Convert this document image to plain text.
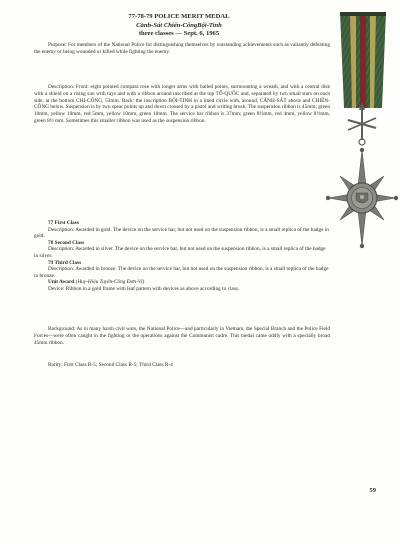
77-78-79 POLICE MERIT MEDAL
Cảnh-Sát Chiến-CôngBội-Tinh
three classes — Sept. 6, 1965

Purpose: For members of the National Police for distinguishing themselves by outstanding achievements such as valiantly defeating the enemy or being wounded or killed while fighting the enemy.

Description: Front: eight pointed compass rose with longer arms with balled points, surmounting a wreath, and with a central disk with a shield on a rising sun with rays and with a ribbon around inscribed at the top TỔ-QUỐC and, separated by two small stars on each side, at the bottom CHI-CÔNG, 53mm. Back: the inscription BỘI-TINH in a lined circle with, around, CẢNH-SÁT above and CHIẾN-CÔNG below. Suspension is by two spear points up and down crossed by a pistol and writing brush. The suspension ribbon is 45mm; green 10mm, yellow 10mm, red 5mm, yellow 10mm, green 10mm. The service bar ribbon is 37mm; green 8½mm, red 4mm, yellow 8½mm, green 8½ mm. Sometimes this smaller ribbon was used as the suspension ribbon.

77 First Class

Description: Awarded in gold. The device on the service bar, but not used on the suspension ribbon, is a small replica of the badge in gold.

78 Second Class

Description: Awarded in silver. The device on the service bar, but not used on the suspension ribbon, is a small replica of the badge in silver.

79 Third Class

Description: Awarded in bronze. The device on the service bar, but not used on the suspension ribbon, is a small replica of the badge in bronze.

Unit Award (Huy-Hiệu Tuyên-Công Đơn-Vị)

Device: Ribbon in a gold frame with leaf pattern with devices as above according to class.

Background: As in many harsh civil wars, the National Police—and particularly in Vietnam, the Special Branch and the Police Field Forces—were often caught in the fighting or the operations against the Communist cadre. This medal came oddly with a specially broad 45mm ribbon.

Rarity: First Class R-5; Second Class R-5; Third Class R-4
59
